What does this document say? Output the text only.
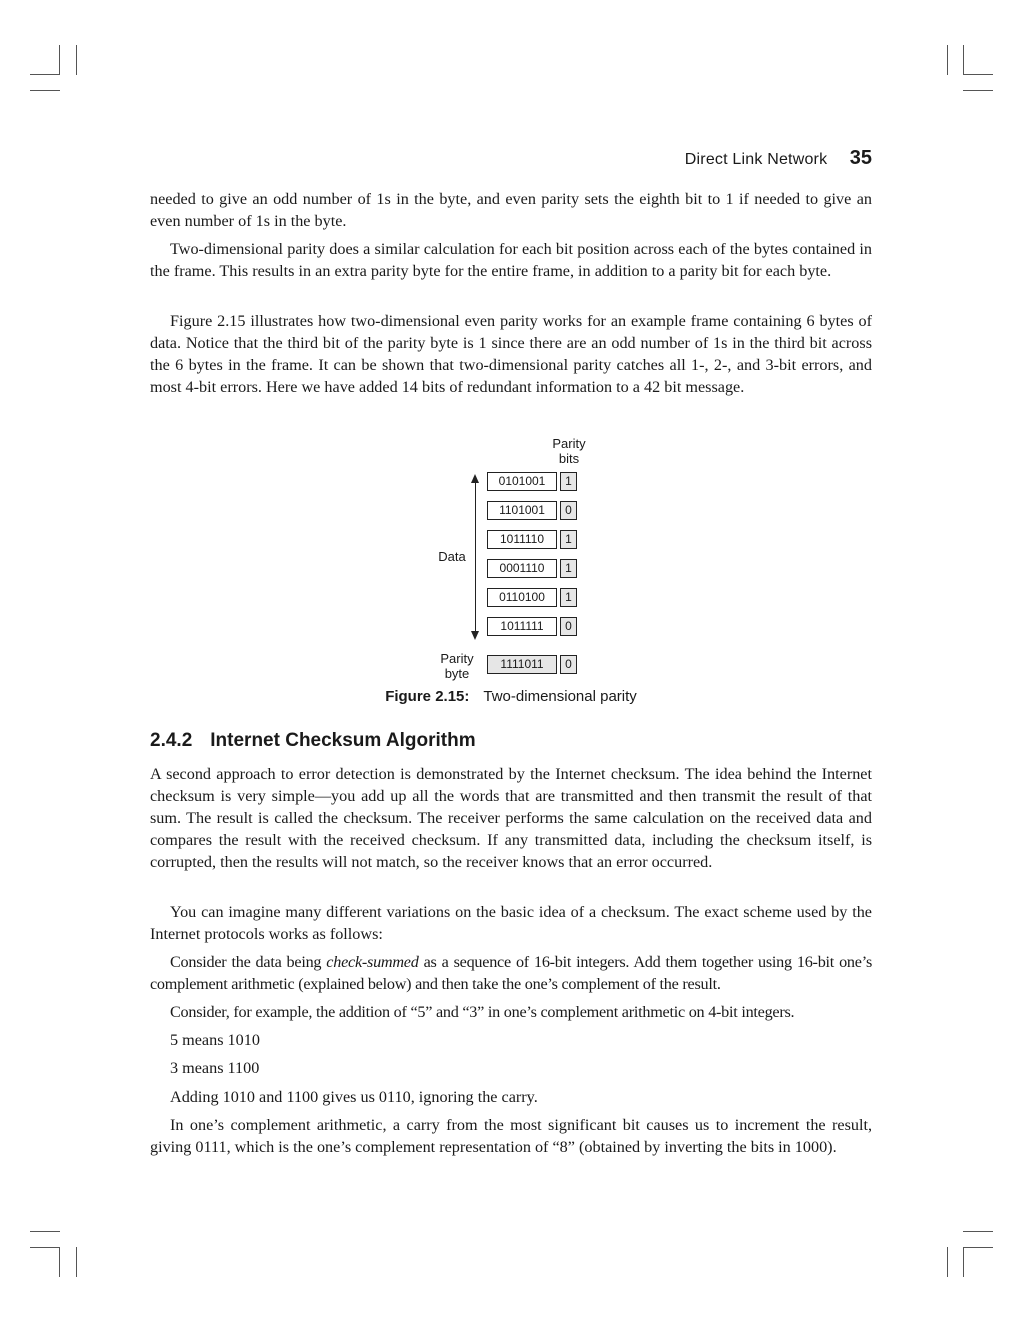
Direct Link Network 35

needed to give an odd number of 1s in the byte, and even parity sets the eighth bit to 1 if needed to give an even number of 1s in the byte.

Two-dimensional parity does a similar calculation for each bit position across each of the bytes contained in the frame. This results in an extra parity byte for the entire frame, in addition to a parity bit for each byte.

Figure 2.15 illustrates how two-dimensional even parity works for an example frame containing 6 bytes of data. Notice that the third bit of the parity byte is 1 since there are an odd number of 1s in the third bit across the 6 bytes in the frame. It can be shown that two-dimensional parity catches all 1-, 2-, and 3-bit errors, and most 4-bit errors. Here we have added 14 bits of redundant information to a 42 bit message.

Parity
bits
Data
0101001	1
1101001	0
1011110	1
0001110	1
0110100	1
1011111	0
Parity
byte
1111011	0
Figure 2.15: Two-dimensional parity
2.4.2 Internet Checksum Algorithm

A second approach to error detection is demonstrated by the Internet checksum. The idea behind the Internet checksum is very simple—you add up all the words that are transmitted and then transmit the result of that sum. The result is called the checksum. The receiver performs the same calculation on the received data and compares the result with the received checksum. If any transmitted data, including the checksum itself, is corrupted, then the results will not match, so the receiver knows that an error occurred.

You can imagine many different variations on the basic idea of a checksum. The exact scheme used by the Internet protocols works as follows:

Consider the data being check-summed as a sequence of 16-bit integers. Add them together using 16-bit one’s complement arithmetic (explained below) and then take the one’s complement of the result.

Consider, for example, the addition of “5” and “3” in one’s complement arithmetic on 4-bit integers.

5 means 1010

3 means 1100

Adding 1010 and 1100 gives us 0110, ignoring the carry.

In one’s complement arithmetic, a carry from the most significant bit causes us to increment the result, giving 0111, which is the one’s complement representation of “8” (obtained by inverting the bits in 1000).
